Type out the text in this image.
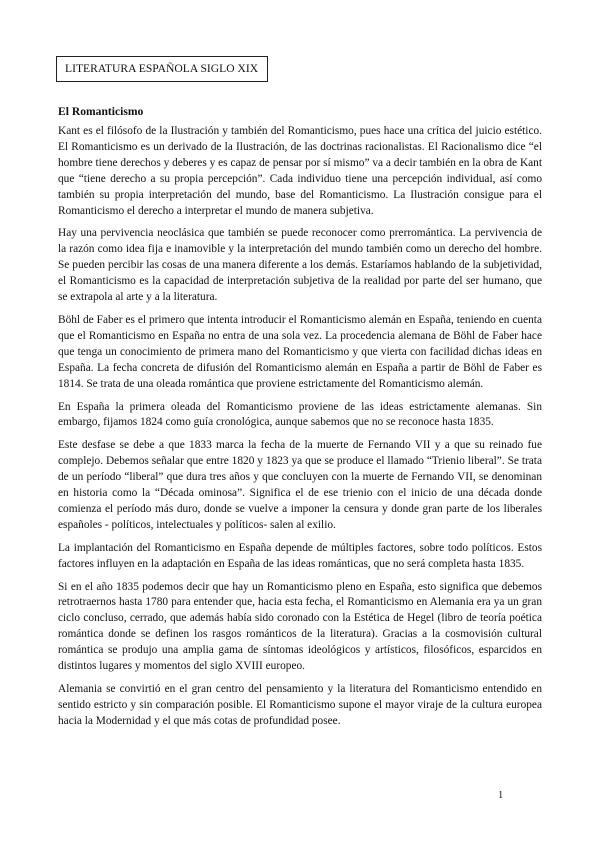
LITERATURA ESPAÑOLA SIGLO XIX
El Romanticismo

Kant es el filósofo de la Ilustración y también del Romanticismo, pues hace una crítica del juicio estético. El Romanticismo es un derivado de la Ilustración, de las doctrinas racionalistas. El Racionalismo dice “el hombre tiene derechos y deberes y es capaz de pensar por sí mismo” va a decir también en la obra de Kant que “tiene derecho a su propia percepción”. Cada individuo tiene una percepción individual, así como también su propia interpretación del mundo, base del Romanticismo. La Ilustración consigue para el Romanticismo el derecho a interpretar el mundo de manera subjetiva.

Hay una pervivencia neoclásica que también se puede reconocer como prerromántica. La pervivencia de la razón como idea fija e inamovible y la interpretación del mundo también como un derecho del hombre. Se pueden percibir las cosas de una manera diferente a los demás. Estaríamos hablando de la subjetividad, el Romanticismo es la capacidad de interpretación subjetiva de la realidad por parte del ser humano, que se extrapola al arte y a la literatura.

Böhl de Faber es el primero que intenta introducir el Romanticismo alemán en España, teniendo en cuenta que el Romanticismo en España no entra de una sola vez. La procedencia alemana de Böhl de Faber hace que tenga un conocimiento de primera mano del Romanticismo y que vierta con facilidad dichas ideas en España. La fecha concreta de difusión del Romanticismo alemán en España a partir de Böhl de Faber es 1814. Se trata de una oleada romántica que proviene estrictamente del Romanticismo alemán.

En España la primera oleada del Romanticismo proviene de las ideas estrictamente alemanas. Sin embargo, fijamos 1824 como guía cronológica, aunque sabemos que no se reconoce hasta 1835.

Este desfase se debe a que 1833 marca la fecha de la muerte de Fernando VII y a que su reinado fue complejo. Debemos señalar que entre 1820 y 1823 ya que se produce el llamado “Trienio liberal”. Se trata de un período “liberal” que dura tres años y que concluyen con la muerte de Fernando VII, se denominan en historia como la “Década ominosa”. Significa el de ese trienio con el inicio de una década donde comienza el período más duro, donde se vuelve a imponer la censura y donde gran parte de los liberales españoles - políticos, intelectuales y políticos- salen al exilio.

La implantación del Romanticismo en España depende de múltiples factores, sobre todo políticos. Estos factores influyen en la adaptación en España de las ideas románticas, que no será completa hasta 1835.

Si en el año 1835 podemos decir que hay un Romanticismo pleno en España, esto significa que debemos retrotraernos hasta 1780 para entender que, hacia esta fecha, el Romanticismo en Alemania era ya un gran ciclo concluso, cerrado, que además había sido coronado con la Estética de Hegel (libro de teoría poética romántica donde se definen los rasgos románticos de la literatura). Gracias a la cosmovisión cultural romántica se produjo una amplia gama de síntomas ideológicos y artísticos, filosóficos, esparcidos en distintos lugares y momentos del siglo XVIII europeo.

Alemania se convirtió en el gran centro del pensamiento y la literatura del Romanticismo entendido en sentido estricto y sin comparación posible. El Romanticismo supone el mayor viraje de la cultura europea hacia la Modernidad y el que más cotas de profundidad posee.

1
